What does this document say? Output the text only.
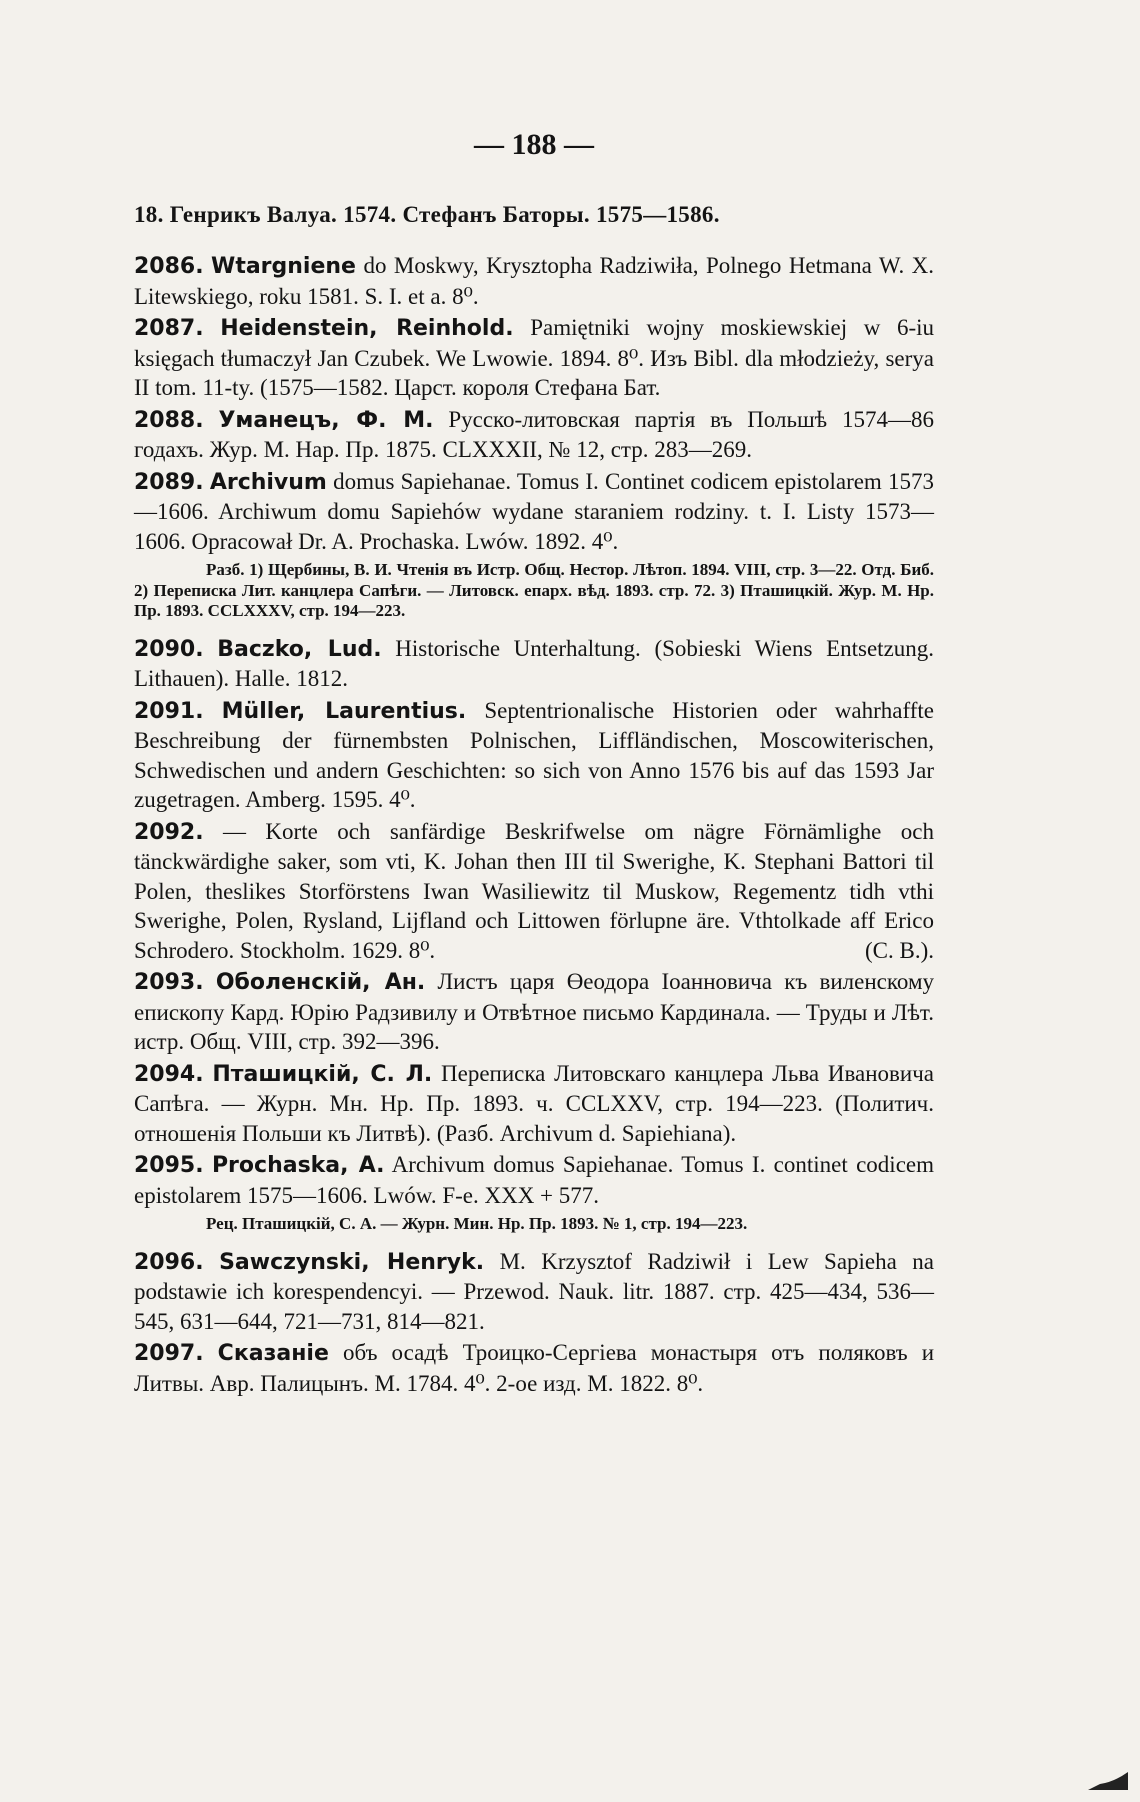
— 188 —
18. Генрикъ Валуа. 1574. Стефанъ Баторы. 1575—1586.
2086. Wtargniene do Moskwy, Krysztopha Radziwiła, Polnego Hetmana W. X. Litewskiego, roku 1581. S. I. et a. 8⁰.
2087. Heidenstein, Reinhold. Pamiętniki wojny moskiewskiej w 6-iu księgach tłumaczył Jan Czubek. We Lwowie. 1894. 8⁰. Изъ Bibl. dla młodzieży, serya II tom. 11-ty. (1575—1582. Царст. короля Стефана Бат.
2088. Уманецъ, Ф. М. Русско-литовская партія въ Польшѣ 1574—86 годахъ. Жур. М. Нар. Пр. 1875. CLXXXII, № 12, стр. 283—269.
2089. Archivum domus Sapiehanae. Tomus I. Continet codicem epistolarem 1573—1606. Archiwum domu Sapiehów wydane staraniem rodziny. t. I. Listy 1573—1606. Opracował Dr. A. Prochaska. Lwów. 1892. 4⁰.
Разб. 1) Щербины, В. И. Чтенія въ Истр. Общ. Нестор. Лѣтоп. 1894. VIII, стр. 3—22. Отд. Биб. 2) Переписка Лит. канцлера Сапѣги. — Литовск. епарх. вѣд. 1893. стр. 72. 3) Пташицкій. Жур. М. Нр. Пр. 1893. CCLXXXV, стр. 194—223.
2090. Baczko, Lud. Historische Unterhaltung. (Sobieski Wiens Entsetzung. Lithauen). Halle. 1812.
2091. Müller, Laurentius. Septentrionalische Historien oder wahrhaffte Beschreibung der fürnembsten Polnischen, Liffländischen, Moscowiterischen, Schwedischen und andern Geschichten: so sich von Anno 1576 bis auf das 1593 Jar zugetragen. Amberg. 1595. 4⁰.
2092. — Korte och sanfärdige Beskrifwelse om nägre Förnämlighe och tänckwärdighe saker, som vti, K. Johan then III til Swerighe, K. Stephani Battori til Polen, theslikes Storförstens Iwan Wasiliewitz til Muskow, Regementz tidh vthi Swerighe, Polen, Rysland, Lijfland och Littowen förlupne äre. Vthtolkade aff Erico Schrodero. Stockholm. 1629. 8⁰.	(C. B.).
2093. Оболенскій, Ан. Листъ царя Өеодора Іоанновича къ виленскому епископу Кард. Юрію Радзивилу и Отвѣтное письмо Кардинала. — Труды и Лѣт. истр. Общ. VIII, стр. 392—396.
2094. Пташицкій, С. Л. Переписка Литовскаго канцлера Льва Ивановича Сапѣга. — Журн. Мн. Нр. Пр. 1893. ч. CCLXXV, стр. 194—223. (Политич. отношенія Польши къ Литвѣ). (Разб. Archivum d. Sapiehiana).
2095. Prochaska, A. Archivum domus Sapiehanae. Tomus I. continet codicem epistolarem 1575—1606. Lwów. F-e. XXX + 577.
Рец. Пташицкій, С. А. — Журн. Мин. Нр. Пр. 1893. № 1, стр. 194—223.
2096. Sawczynski, Henryk. M. Krzysztof Radziwił i Lew Sapieha na podstawie ich korespendencyi. — Przewod. Nauk. litr. 1887. стр. 425—434, 536—545, 631—644, 721—731, 814—821.
2097. Сказаніе объ осадѣ Троицко-Сергіева монастыря отъ поляковъ и Литвы. Авр. Палицынъ. М. 1784. 4⁰. 2-ое изд. М. 1822. 8⁰.
